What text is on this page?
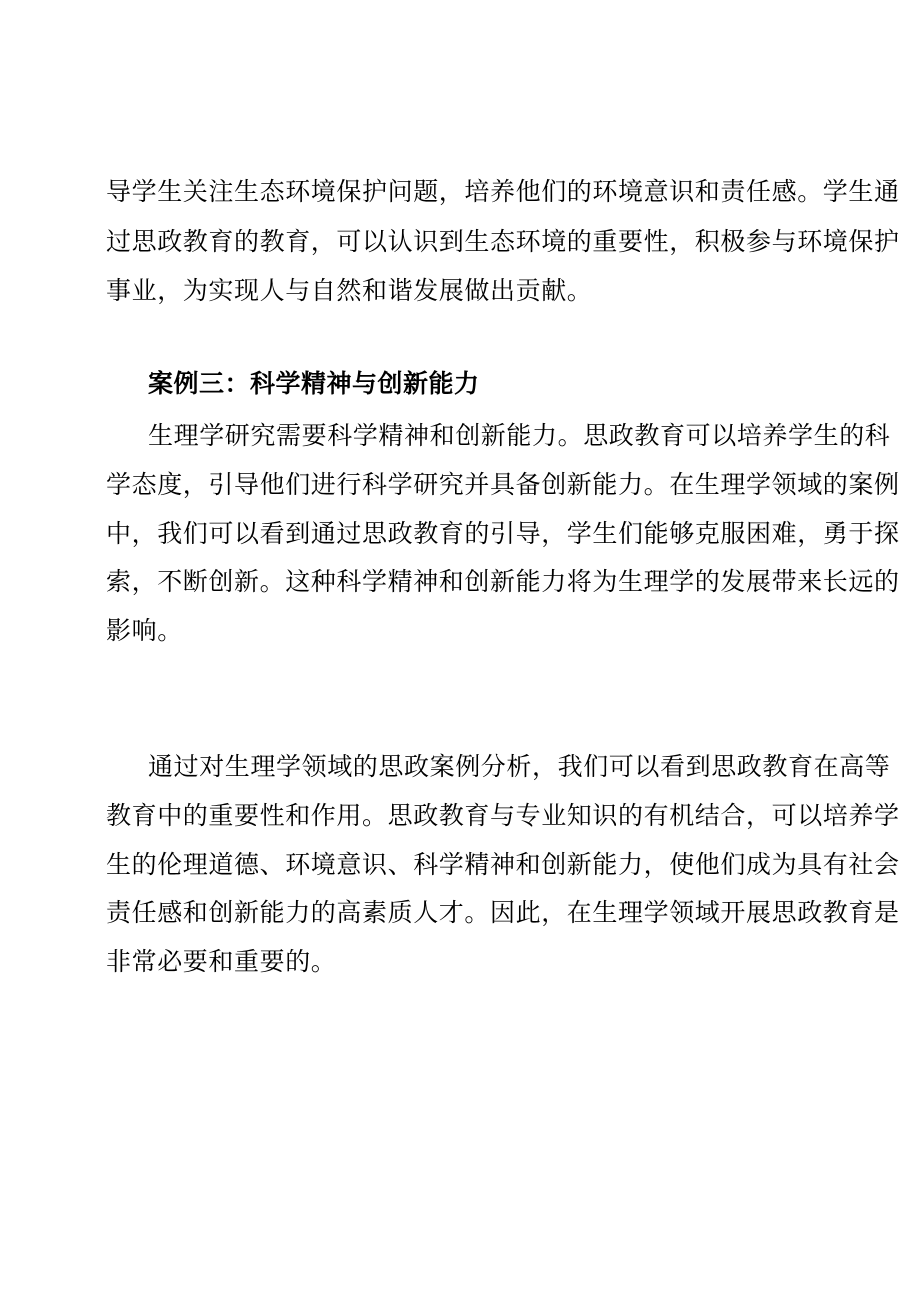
导学生关注生态环境保护问题，培养他们的环境意识和责任感。学生通

过思政教育的教育，可以认识到生态环境的重要性，积极参与环境保护

事业，为实现人与自然和谐发展做出贡献。

案例三：科学精神与创新能力

生理学研究需要科学精神和创新能力。思政教育可以培养学生的科

学态度，引导他们进行科学研究并具备创新能力。在生理学领域的案例

中，我们可以看到通过思政教育的引导，学生们能够克服困难，勇于探

索，不断创新。这种科学精神和创新能力将为生理学的发展带来长远的

影响。

通过对生理学领域的思政案例分析，我们可以看到思政教育在高等

教育中的重要性和作用。思政教育与专业知识的有机结合，可以培养学

生的伦理道德、环境意识、科学精神和创新能力，使他们成为具有社会

责任感和创新能力的高素质人才。因此，在生理学领域开展思政教育是

非常必要和重要的。
